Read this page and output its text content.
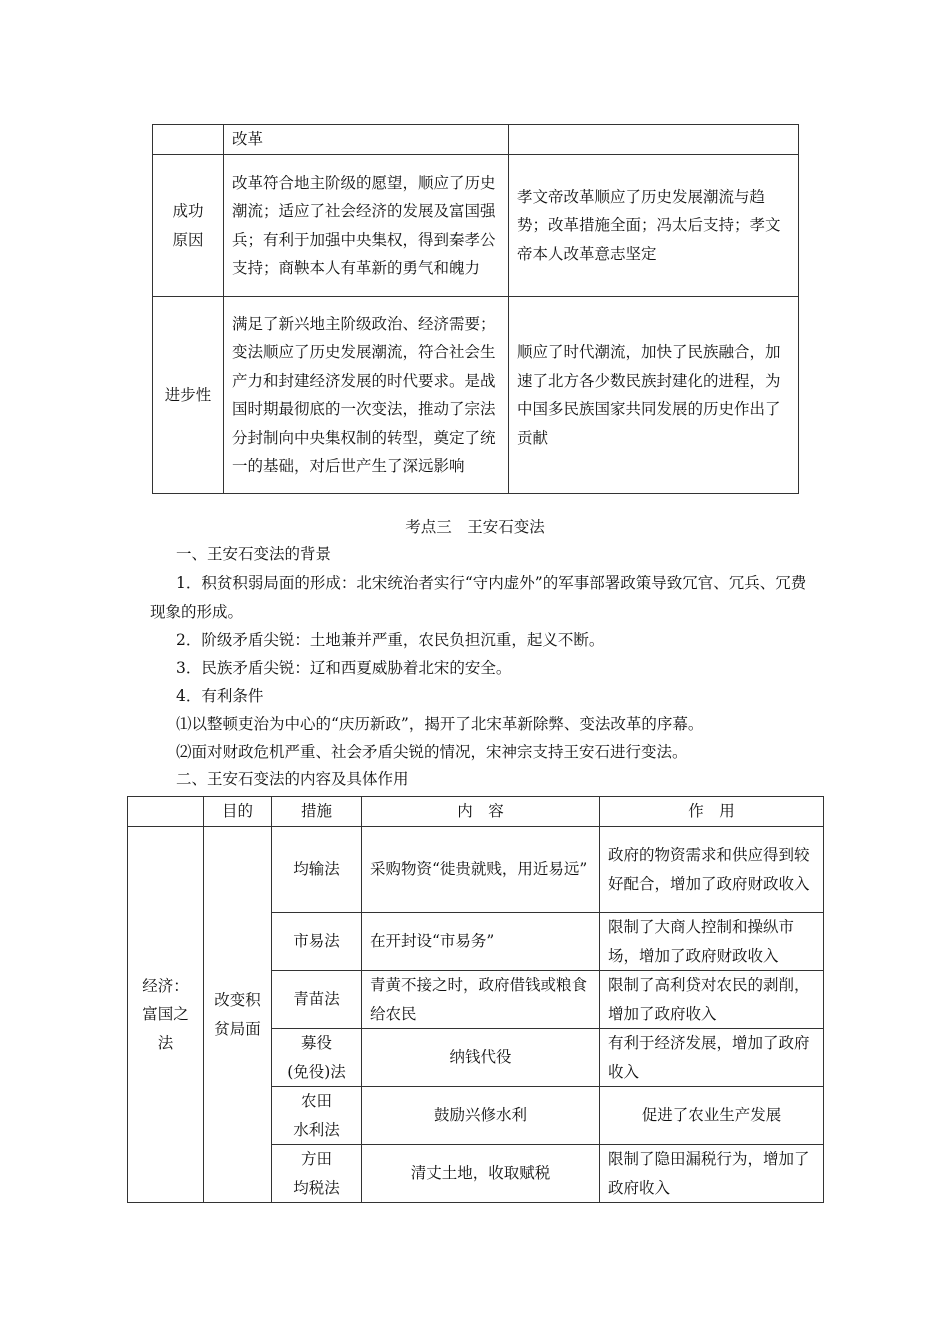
	改革	
成功
原因	改革符合地主阶级的愿望，顺应了历史潮流；适应了社会经济的发展及富国强兵；有利于加强中央集权，得到秦孝公支持；商鞅本人有革新的勇气和魄力	孝文帝改革顺应了历史发展潮流与趋势；改革措施全面；冯太后支持；孝文帝本人改革意志坚定
进步性	满足了新兴地主阶级政治、经济需要；变法顺应了历史发展潮流，符合社会生产力和封建经济发展的时代要求。是战国时期最彻底的一次变法，推动了宗法分封制向中央集权制的转型，奠定了统一的基础，对后世产生了深远影响	顺应了时代潮流，加快了民族融合，加速了北方各少数民族封建化的进程，为中国多民族国家共同发展的历史作出了贡献
考点三　王安石变法

一、王安石变法的背景

1．积贫积弱局面的形成：北宋统治者实行“守内虚外”的军事部署政策导致冗官、冗兵、冗费现象的形成。

2．阶级矛盾尖锐：土地兼并严重，农民负担沉重，起义不断。

3．民族矛盾尖锐：辽和西夏威胁着北宋的安全。

4．有利条件

⑴以整顿吏治为中心的“庆历新政”，揭开了北宋革新除弊、变法改革的序幕。

⑵面对财政危机严重、社会矛盾尖锐的情况，宋神宗支持王安石进行变法。

二、王安石变法的内容及具体作用

	目的	措施	内　容	作　用
经济：
富国之
法	改变积
贫局面	均输法	采购物资“徙贵就贱，用近易远”	政府的物资需求和供应得到较好配合，增加了政府财政收入
		市易法	在开封设“市易务”	限制了大商人控制和操纵市场，增加了政府财政收入
		青苗法	青黄不接之时，政府借钱或粮食给农民	限制了高利贷对农民的剥削，增加了政府收入
		募役
(免役)法	纳钱代役	有利于经济发展，增加了政府收入
		农田
水利法	鼓励兴修水利	促进了农业生产发展
		方田
均税法	清丈土地，收取赋税	限制了隐田漏税行为，增加了政府收入
